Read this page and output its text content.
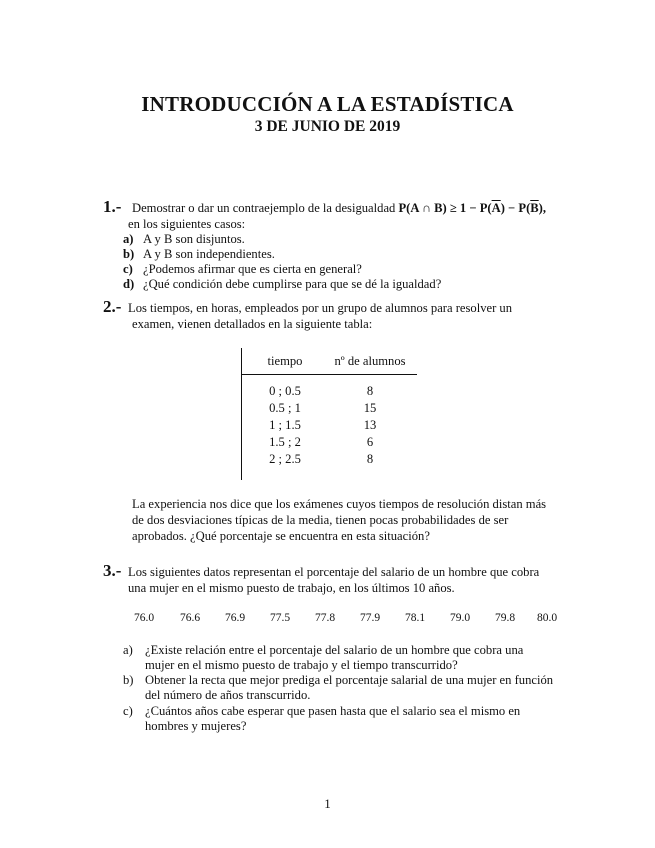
INTRODUCCIÓN A LA ESTADÍSTICA
3 DE JUNIO DE 2019
1.- Demostrar o dar un contraejemplo de la desigualdad P(A ∩ $B) \ge 1 - P(\overline{A}) - P(\overline{B})$,
en los siguientes casos:
a) A y B son disjuntos.
b) A y B son independientes.
c) ¿Podemos afirmar que es cierta en general?
d) ¿Qué condición debe cumplirse para que se dé la igualdad?
2.- Los tiempos, en horas, empleados por un grupo de alumnos para resolver un
examen, vienen detallados en la siguiente tabla:
tiempo	nº de alumnos
0 ; 0.5	8
0.5 ; 1	15
1 ; 1.5	13
1.5 ; 2	6
2 ; 2.5	8
La experiencia nos dice que los exámenes cuyos tiempos de resolución distan más
de dos desviaciones típicas de la media, tienen pocas probabilidades de ser
aprobados. ¿Qué porcentaje se encuentra en esta situación?
3.- Los siguientes datos representan el porcentaje del salario de un hombre que cobra
una mujer en el mismo puesto de trabajo, en los últimos 10 años.
76.0	76.6	76.9	77.5	77.8	77.9	78.1	79.0	79.8	80.0
a) ¿Existe relación entre el porcentaje del salario de un hombre que cobra una
mujer en el mismo puesto de trabajo y el tiempo transcurrido?
b) Obtener la recta que mejor prediga el porcentaje salarial de una mujer en función
del número de años transcurrido.
c) ¿Cuántos años cabe esperar que pasen hasta que el salario sea el mismo en
hombres y mujeres?
1
